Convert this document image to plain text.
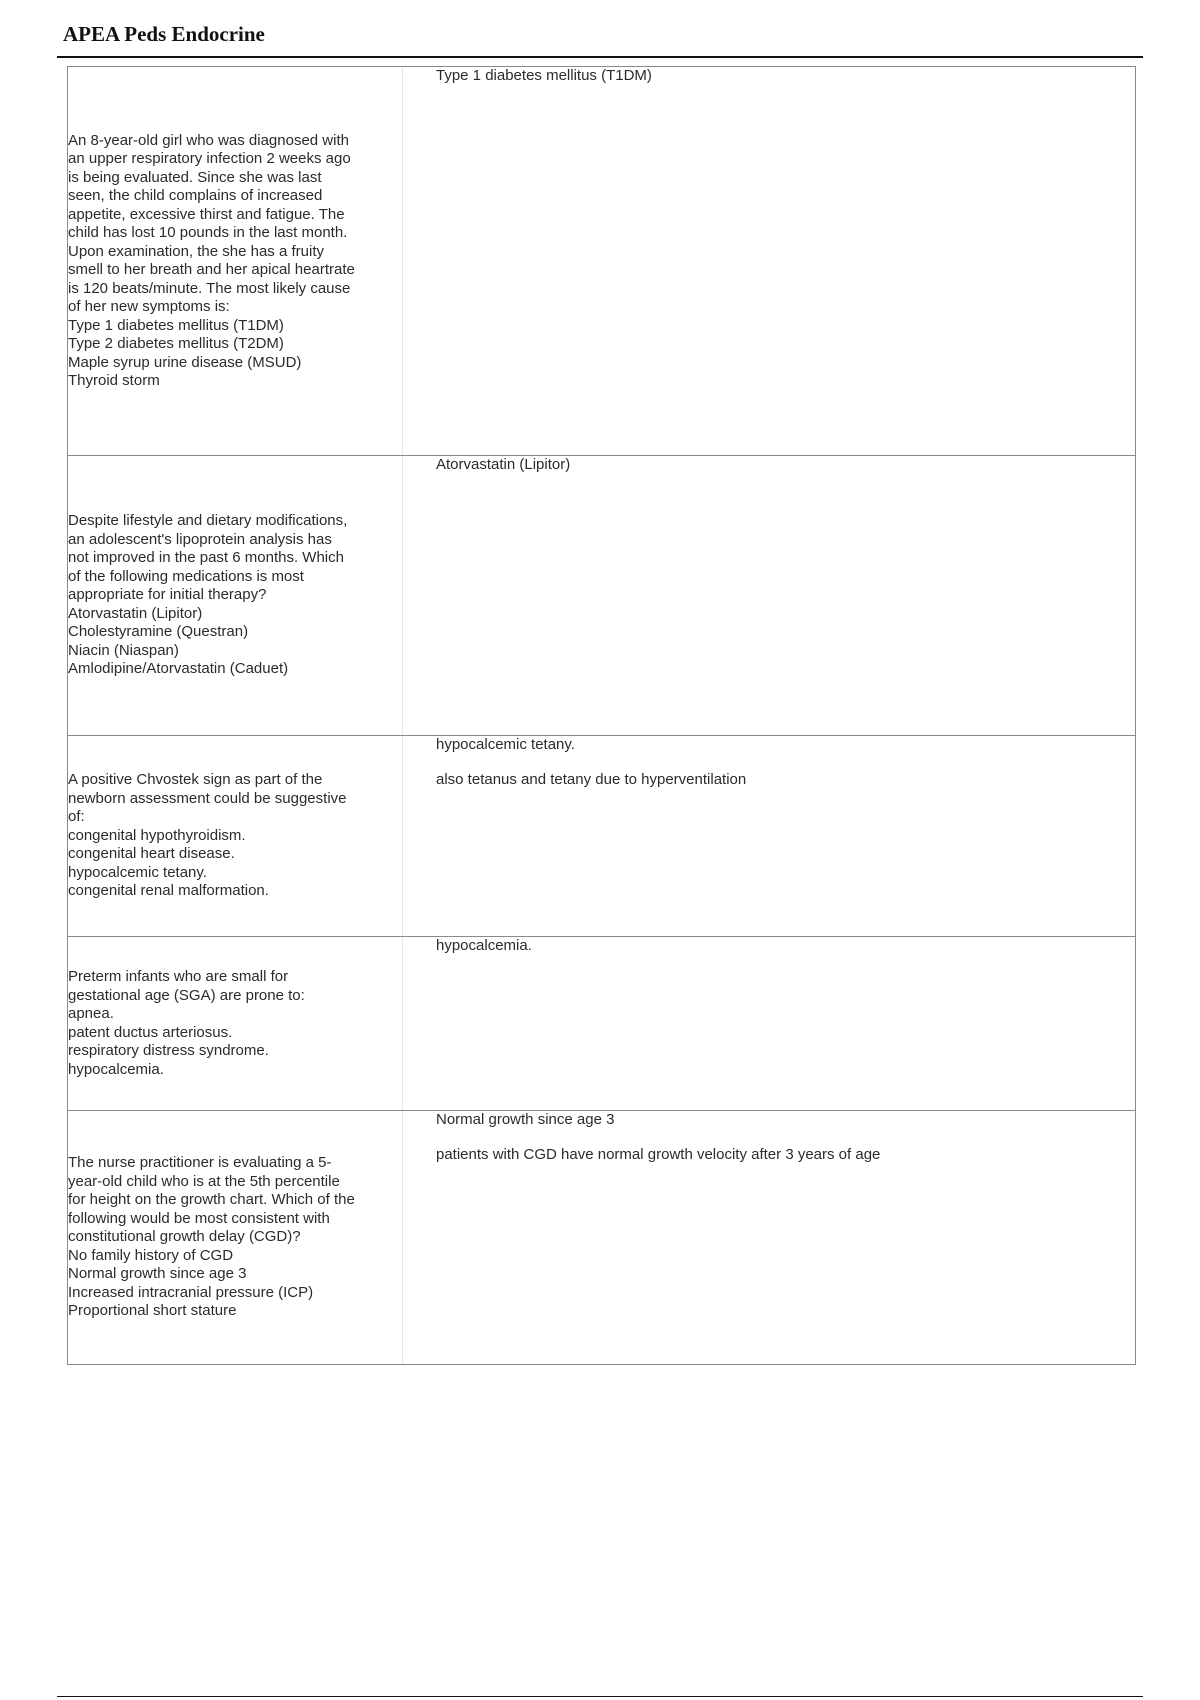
APEA Peds Endocrine
An 8-year-old girl who was diagnosed with
an upper respiratory infection 2 weeks ago
is being evaluated. Since she was last
seen, the child complains of increased
appetite, excessive thirst and fatigue. The
child has lost 10 pounds in the last month.
Upon examination, the she has a fruity
smell to her breath and her apical heartrate
is 120 beats/minute. The most likely cause
of her new symptoms is:
Type 1 diabetes mellitus (T1DM)
Type 2 diabetes mellitus (T2DM)
Maple syrup urine disease (MSUD)
Thyroid storm
Type 1 diabetes mellitus (T1DM)
Despite lifestyle and dietary modifications,
an adolescent's lipoprotein analysis has
not improved in the past 6 months. Which
of the following medications is most
appropriate for initial therapy?
Atorvastatin (Lipitor)
Cholestyramine (Questran)
Niacin (Niaspan)
Amlodipine/Atorvastatin (Caduet)
Atorvastatin (Lipitor)
A positive Chvostek sign as part of the
newborn assessment could be suggestive
of:
congenital hypothyroidism.
congenital heart disease.
hypocalcemic tetany.
congenital renal malformation.
hypocalcemic tetany.
also tetanus and tetany due to hyperventilation
Preterm infants who are small for
gestational age (SGA) are prone to:
apnea.
patent ductus arteriosus.
respiratory distress syndrome.
hypocalcemia.
hypocalcemia.
The nurse practitioner is evaluating a 5-
year-old child who is at the 5th percentile
for height on the growth chart. Which of the
following would be most consistent with
constitutional growth delay (CGD)?
No family history of CGD
Normal growth since age 3
Increased intracranial pressure (ICP)
Proportional short stature
Normal growth since age 3
patients with CGD have normal growth velocity after 3 years of age
